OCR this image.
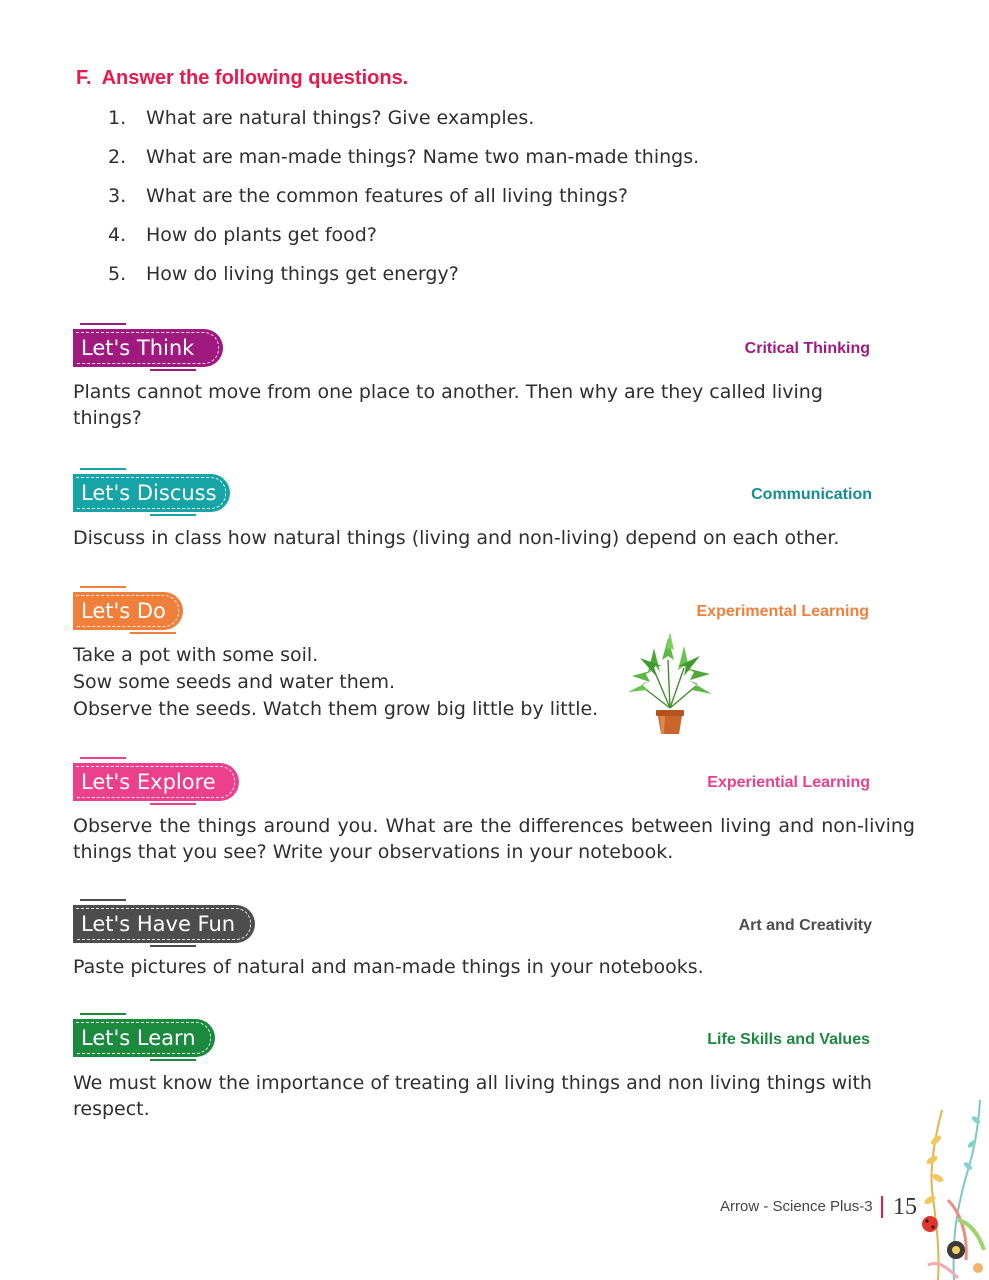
F. Answer the following questions.
1.	What are natural things? Give examples.
2.	What are man-made things? Name two man-made things.
3.	What are the common features of all living things?
4.	How do plants get food?
5.	How do living things get energy?
Let's Think	Critical Thinking
Plants cannot move from one place to another. Then why are they called living things?
Let's Discuss	Communication
Discuss in class how natural things (living and non-living) depend on each other.
Let's Do	Experimental Learning

Take a pot with some soil.

Sow some seeds and water them.

Observe the seeds. Watch them grow big little by little.

Let's Explore	Experiential Learning
Observe the things around you. What are the differences between living and non-living things that you see? Write your observations in your notebook.
Let's Have Fun	Art and Creativity
Paste pictures of natural and man-made things in your notebooks.
Let's Learn	Life Skills and Values
We must know the importance of treating all living things and non living things with respect.
Arrow - Science Plus-3 15
